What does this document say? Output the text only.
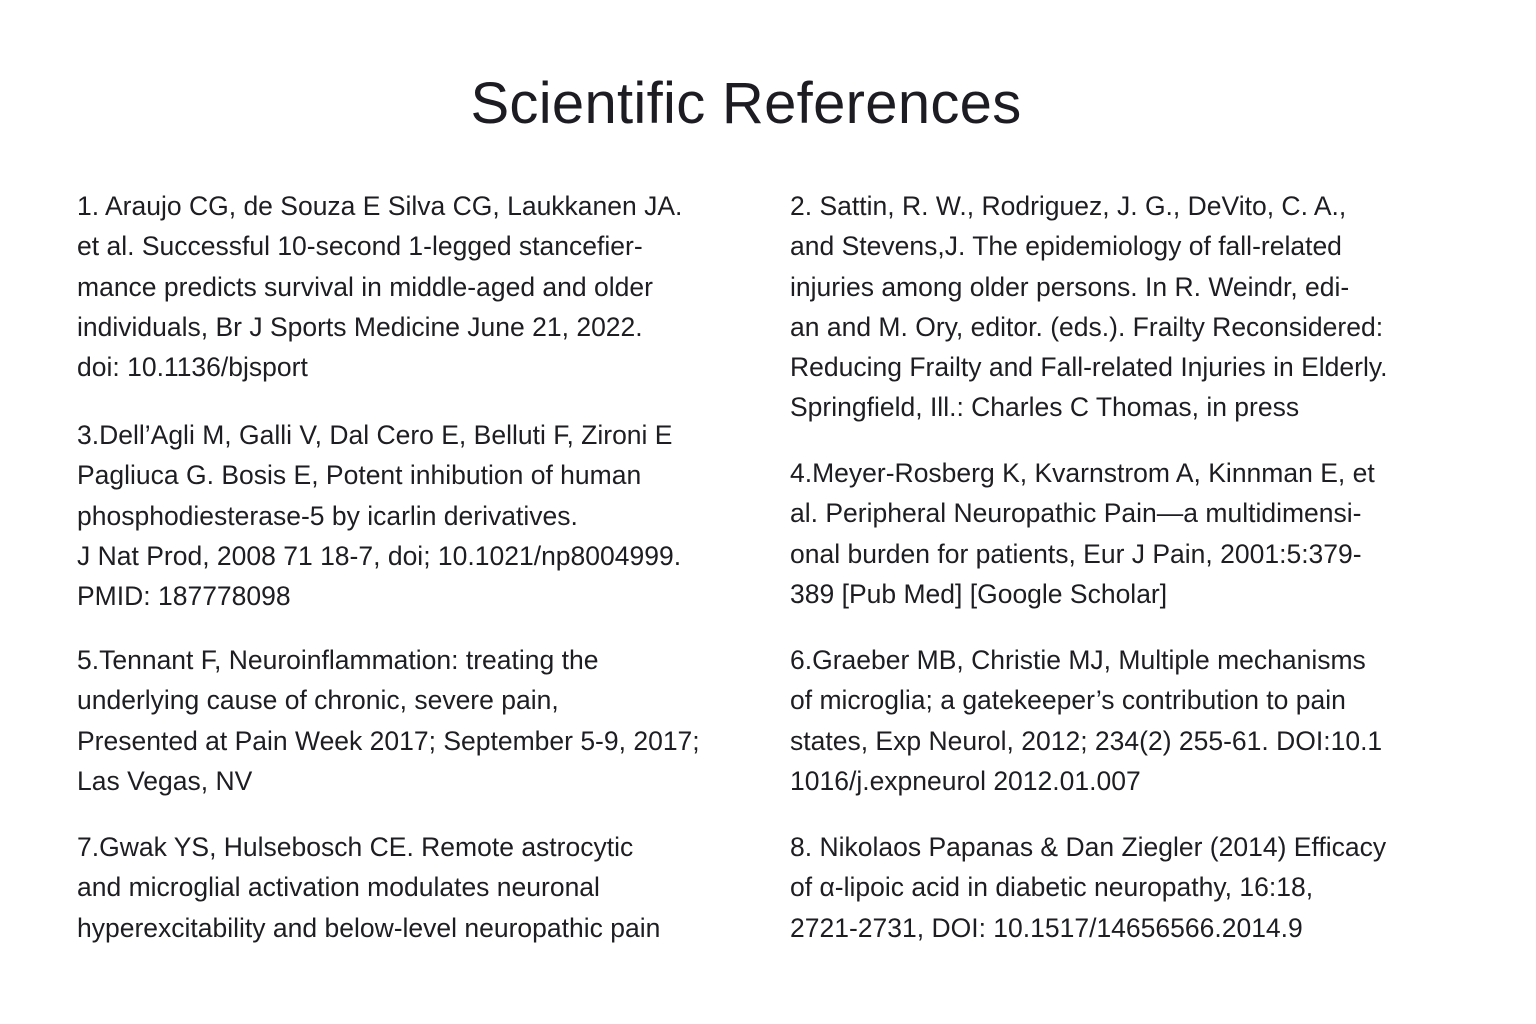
Scientific References

1. Araujo CG, de Souza E Silva CG, Laukkanen JA.
et al. Successful 10-second 1-legged stancefier-
mance predicts survival in middle-aged and older
individuals, Br J Sports Medicine June 21, 2022.
doi: 10.1136/bjsport

3.Dell’Agli M, Galli V, Dal Cero E, Belluti F, Zironi E
Pagliuca G. Bosis E, Potent inhibution of human
phosphodiesterase-5 by icarlin derivatives.
J Nat Prod, 2008 71 18-7, doi; 10.1021/np8004999.
PMID: 187778098

5.Tennant F, Neuroinflammation: treating the
underlying cause of chronic, severe pain,
Presented at Pain Week 2017; September 5-9, 2017;
Las Vegas, NV

7.Gwak YS, Hulsebosch CE. Remote astrocytic
and microglial activation modulates neuronal
hyperexcitability and below-level neuropathic pain

2. Sattin, R. W., Rodriguez, J. G., DeVito, C. A.,
and Stevens,J. The epidemiology of fall-related
injuries among older persons. In R. Weindr, edi-
an and M. Ory, editor. (eds.). Frailty Reconsidered:
Reducing Frailty and Fall-related Injuries in Elderly.
Springfield, Ill.: Charles C Thomas, in press

4.Meyer-Rosberg K, Kvarnstrom A, Kinnman E, et
al. Peripheral Neuropathic Pain—a multidimensi-
onal burden for patients, Eur J Pain, 2001:5:379-
389 [Pub Med] [Google Scholar]

6.Graeber MB, Christie MJ, Multiple mechanisms
of microglia; a gatekeeper’s contribution to pain
states, Exp Neurol, 2012; 234(2) 255-61. DOI:10.1
1016/j.expneurol 2012.01.007

8. Nikolaos Papanas & Dan Ziegler (2014) Efficacy
of α-lipoic acid in diabetic neuropathy, 16:18,
2721-2731, DOI: 10.1517/14656566.2014.9
